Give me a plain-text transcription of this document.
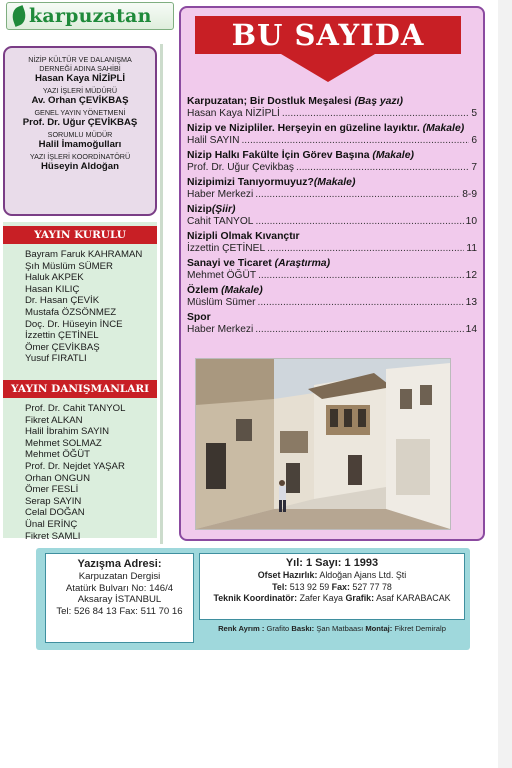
karpuzatan
NİZİP KÜLTÜR VE DALANIŞMA DERNEĞİ ADINA SAHİBİ
Hasan Kaya NİZİPLİ
YAZI İŞLERİ MÜDÜRÜ
Av. Orhan ÇEVİKBAŞ
GENEL YAYIN YÖNETMENİ
Prof. Dr. Uğur ÇEVİKBAŞ
SORUMLU MÜDÜR
Halil İmamoğulları
YAZI İŞLERİ KOORDİNATÖRÜ
Hüseyin Aldoğan
YAYIN KURULU
Bayram Faruk KAHRAMAN
Şıh Müslüm SÜMER
Haluk AKPEK
Hasan KILIÇ
Dr. Hasan ÇEVİK
Mustafa ÖZSÖNMEZ
Doç. Dr. Hüseyin İNCE
İzzettin ÇETİNEL
Ömer ÇEVİKBAŞ
Yusuf FIRATLI
YAYIN DANIŞMANLARI
Prof. Dr. Cahit TANYOL
Fikret ALKAN
Halil İbrahim SAYIN
Mehmet SOLMAZ
Mehmet ÖĞÜT
Prof. Dr. Nejdet YAŞAR
Orhan ONGUN
Ömer FESLİ
Serap SAYIN
Celal DOĞAN
Ünal ERİNÇ
Fikret SAMLI
BU SAYIDA
Karpuzatan; Bir Dostluk Meşalesi (Baş yazı)
Hasan Kaya NİZİPLİ .....	5
Nizip ve Nizipliler. Herşeyin en güzeline layıktır. (Makale)
Halil SAYIN .....	6
Nizip Halkı Fakülte İçin Görev Başına (Makale)
Prof. Dr. Uğur Çevikbaş .....	7
Nizipimizi Tanıyormuyuz?(Makale)
Haber Merkezi .....	8-9
Nizip(Şiir)
Cahit TANYOL .....	10
Nizipli Olmak Kıvançtır
İzzettin ÇETİNEL .....	11
Sanayi ve Ticaret (Araştırma)
Mehmet ÖĞÜT .....	12
Özlem (Makale)
Müslüm Sümer .....	13
Spor
Haber Merkezi .....	14
Yazışma Adresi:
Karpuzatan Dergisi
Atatürk Bulvarı No: 146/4
Aksaray İSTANBUL
Tel: 526 84 13 Fax: 511 70 16
Yıl: 1 Sayı: 1 1993
Ofset Hazırlık: Aldoğan Ajans Ltd. Şti
Tel: 513 92 59 Fax: 527 77 78
Teknik Koordinatör: Zafer Kaya Grafik: Asaf KARABACAK
Renk Ayrım : Grafito Baskı: Şan Matbaası Montaj: Fikret Demiralp
